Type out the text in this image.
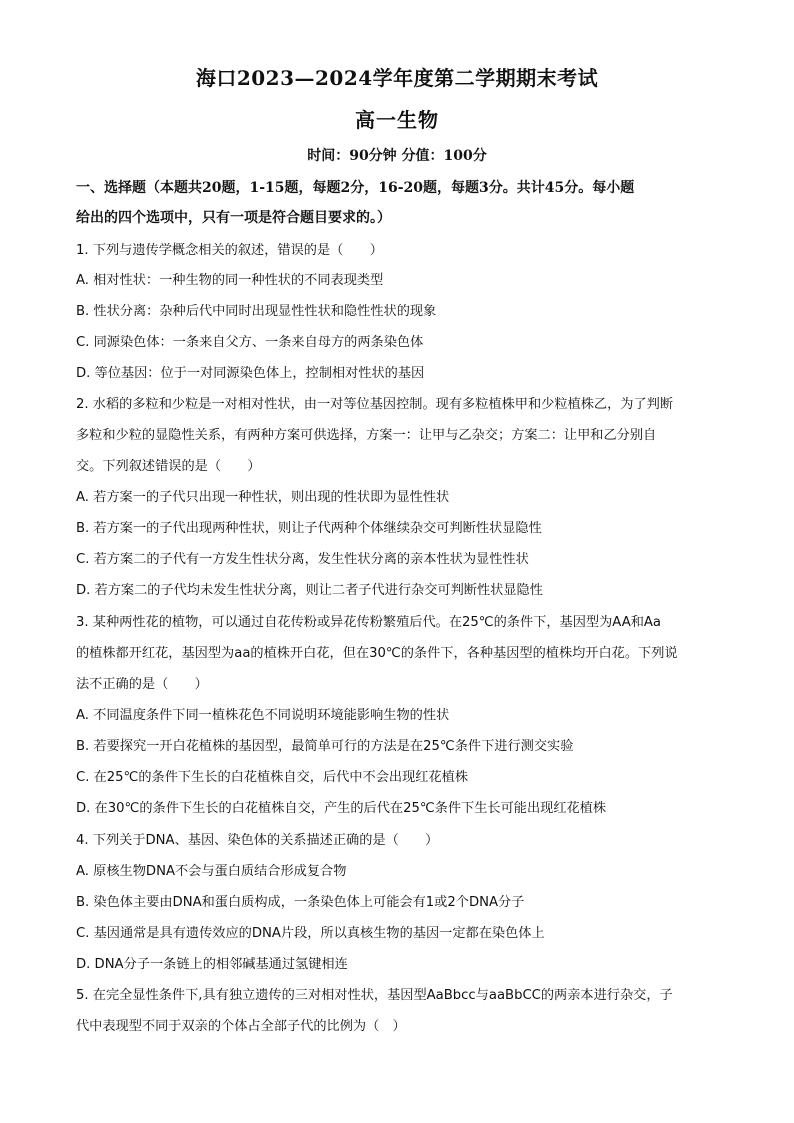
海口2023—2024学年度第二学期期末考试
高一生物
时间：90分钟 分值：100分

一、选择题（本题共20题，1-15题，每题2分，16-20题，每题3分。共计45分。每小题

给出的四个选项中，只有一项是符合题目要求的。）

1. 下列与遗传学概念相关的叙述，错误的是（　　）

A. 相对性状：一种生物的同一种性状的不同表现类型

B. 性状分离：杂种后代中同时出现显性性状和隐性性状的现象

C. 同源染色体：一条来自父方、一条来自母方的两条染色体

D. 等位基因：位于一对同源染色体上，控制相对性状的基因

2. 水稻的多粒和少粒是一对相对性状，由一对等位基因控制。现有多粒植株甲和少粒植株乙，为了判断

多粒和少粒的显隐性关系，有两种方案可供选择，方案一：让甲与乙杂交；方案二：让甲和乙分别自

交。下列叙述错误的是（　　）

A. 若方案一的子代只出现一种性状，则出现的性状即为显性性状

B. 若方案一的子代出现两种性状，则让子代两种个体继续杂交可判断性状显隐性

C. 若方案二的子代有一方发生性状分离，发生性状分离的亲本性状为显性性状

D. 若方案二的子代均未发生性状分离，则让二者子代进行杂交可判断性状显隐性

3. 某种两性花的植物，可以通过自花传粉或异花传粉繁殖后代。在25℃的条件下，基因型为AA和Aa

的植株都开红花，基因型为aa的植株开白花，但在30℃的条件下，各种基因型的植株均开白花。下列说

法不正确的是（　　）

A. 不同温度条件下同一植株花色不同说明环境能影响生物的性状

B. 若要探究一开白花植株的基因型，最简单可行的方法是在25℃条件下进行测交实验

C. 在25℃的条件下生长的白花植株自交，后代中不会出现红花植株

D. 在30℃的条件下生长的白花植株自交，产生的后代在25℃条件下生长可能出现红花植株

4. 下列关于DNA、基因、染色体的关系描述正确的是（　　）

A. 原核生物DNA不会与蛋白质结合形成复合物

B. 染色体主要由DNA和蛋白质构成，一条染色体上可能会有1或2个DNA分子

C. 基因通常是具有遗传效应的DNA片段，所以真核生物的基因一定都在染色体上

D. DNA分子一条链上的相邻碱基通过氢键相连

5. 在完全显性条件下,具有独立遗传的三对相对性状，基因型AaBbcc与aaBbCC的两亲本进行杂交，子

代中表现型不同于双亲的个体占全部子代的比例为（　）
